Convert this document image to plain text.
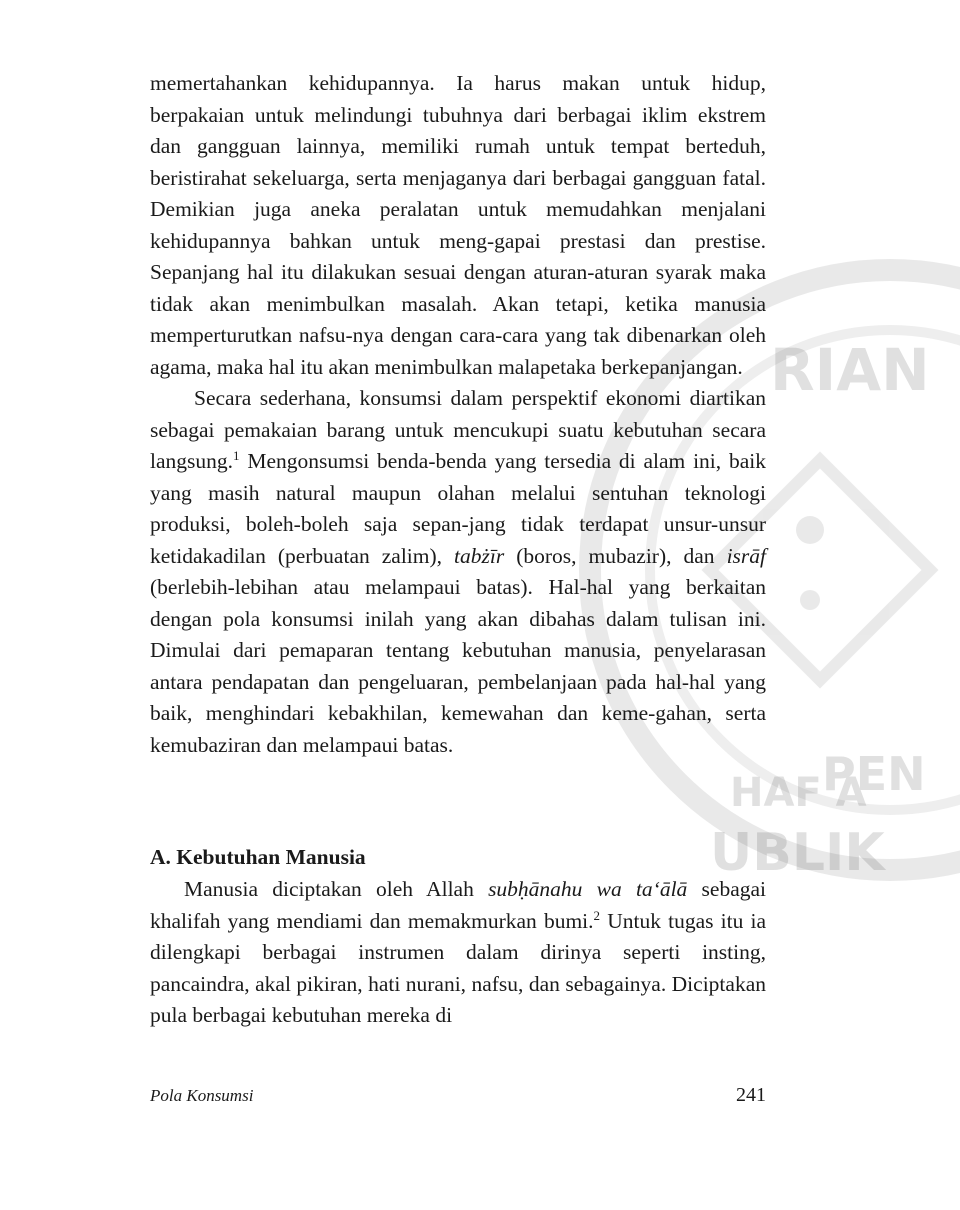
RIAN
PEN
HAF A
UBLIK

memertahankan kehidupannya. Ia harus makan untuk hidup, berpakaian untuk melindungi tubuhnya dari berbagai iklim ekstrem dan gangguan lainnya, memiliki rumah untuk tempat berteduh, beristirahat sekeluarga, serta menjaganya dari berbagai gangguan fatal. Demikian juga aneka peralatan untuk memudahkan menjalani kehidupannya bahkan untuk meng-gapai prestasi dan prestise. Sepanjang hal itu dilakukan sesuai dengan aturan-aturan syarak maka tidak akan menimbulkan masalah. Akan tetapi, ketika manusia memperturutkan nafsu-nya dengan cara-cara yang tak dibenarkan oleh agama, maka hal itu akan menimbulkan malapetaka berkepanjangan.

Secara sederhana, konsumsi dalam perspektif ekonomi diartikan sebagai pemakaian barang untuk mencukupi suatu kebutuhan secara langsung.$^1$ Mengonsumsi benda-benda yang tersedia di alam ini, baik yang masih natural maupun olahan melalui sentuhan teknologi produksi, boleh-boleh saja sepan-jang tidak terdapat unsur-unsur ketidakadilan (perbuatan zalim), tabżīr (boros, mubazir), dan isrāf (berlebih-lebihan atau melampaui batas). Hal-hal yang berkaitan dengan pola konsumsi inilah yang akan dibahas dalam tulisan ini. Dimulai dari pemaparan tentang kebutuhan manusia, penyelarasan antara pendapatan dan pengeluaran, pembelanjaan pada hal-hal yang baik, menghindari kebakhilan, kemewahan dan keme-gahan, serta kemubaziran dan melampaui batas.

A. Kebutuhan Manusia

Manusia diciptakan oleh Allah subḥānahu wa ta‘ālā sebagai khalifah yang mendiami dan memakmurkan bumi.$^2$ Untuk tugas itu ia dilengkapi berbagai instrumen dalam dirinya seperti insting, pancaindra, akal pikiran, hati nurani, nafsu, dan sebagainya. Diciptakan pula berbagai kebutuhan mereka di

Pola Konsumsi	241
